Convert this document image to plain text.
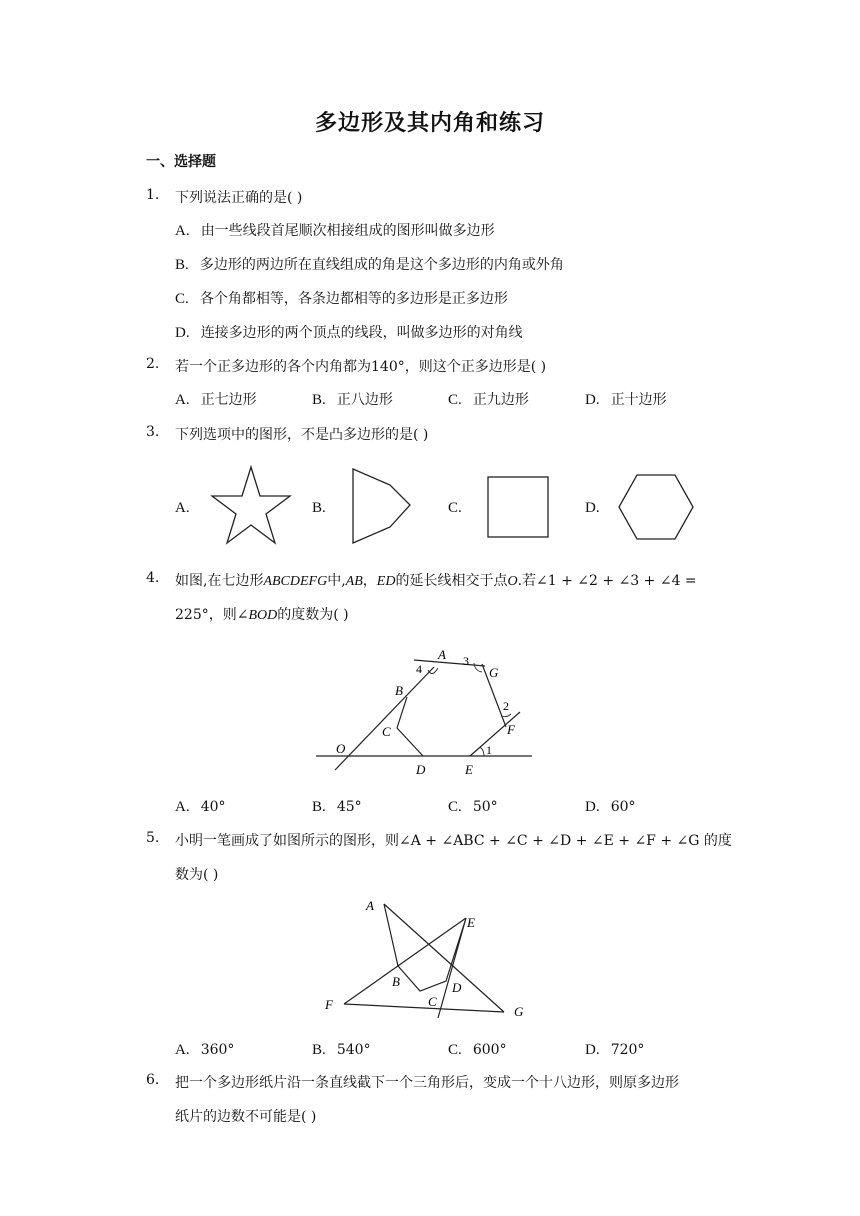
多边形及其内角和练习
一、选择题
1. 下列说法正确的是( )
A. 由一些线段首尾顺次相接组成的图形叫做多边形
B. 多边形的两边所在直线组成的角是这个多边形的内角或外角
C. 各个角都相等，各条边都相等的多边形是正多边形
D. 连接多边形的两个顶点的线段，叫做多边形的对角线
2. 若一个正多边形的各个内角都为140°，则这个正多边形是( )
A. 正七边形	B. 正八边形	C. 正九边形	D. 正十边形
3. 下列选项中的图形，不是凸多边形的是( )
A.	B.	C.	D.
4. 如图,在七边形ABCDEFG中,AB，ED的延长线相交于点O.若∠1 + ∠2 + ∠3 + ∠4 =
225°，则∠BOD的度数为( )
A
4
3
G
B
2
C	F
O	1
D	E
A. 40°	B. 45°	C. 50°	D. 60°
5. 小明一笔画成了如图所示的图形，则∠A + ∠ABC + ∠C + ∠D + ∠E + ∠F + ∠G 的度
数为( )
A
E
B	D
C
F	G
A. 360°	B. 540°	C. 600°	D. 720°
6. 把一个多边形纸片沿一条直线截下一个三角形后，变成一个十八边形，则原多边形
纸片的边数不可能是( )
